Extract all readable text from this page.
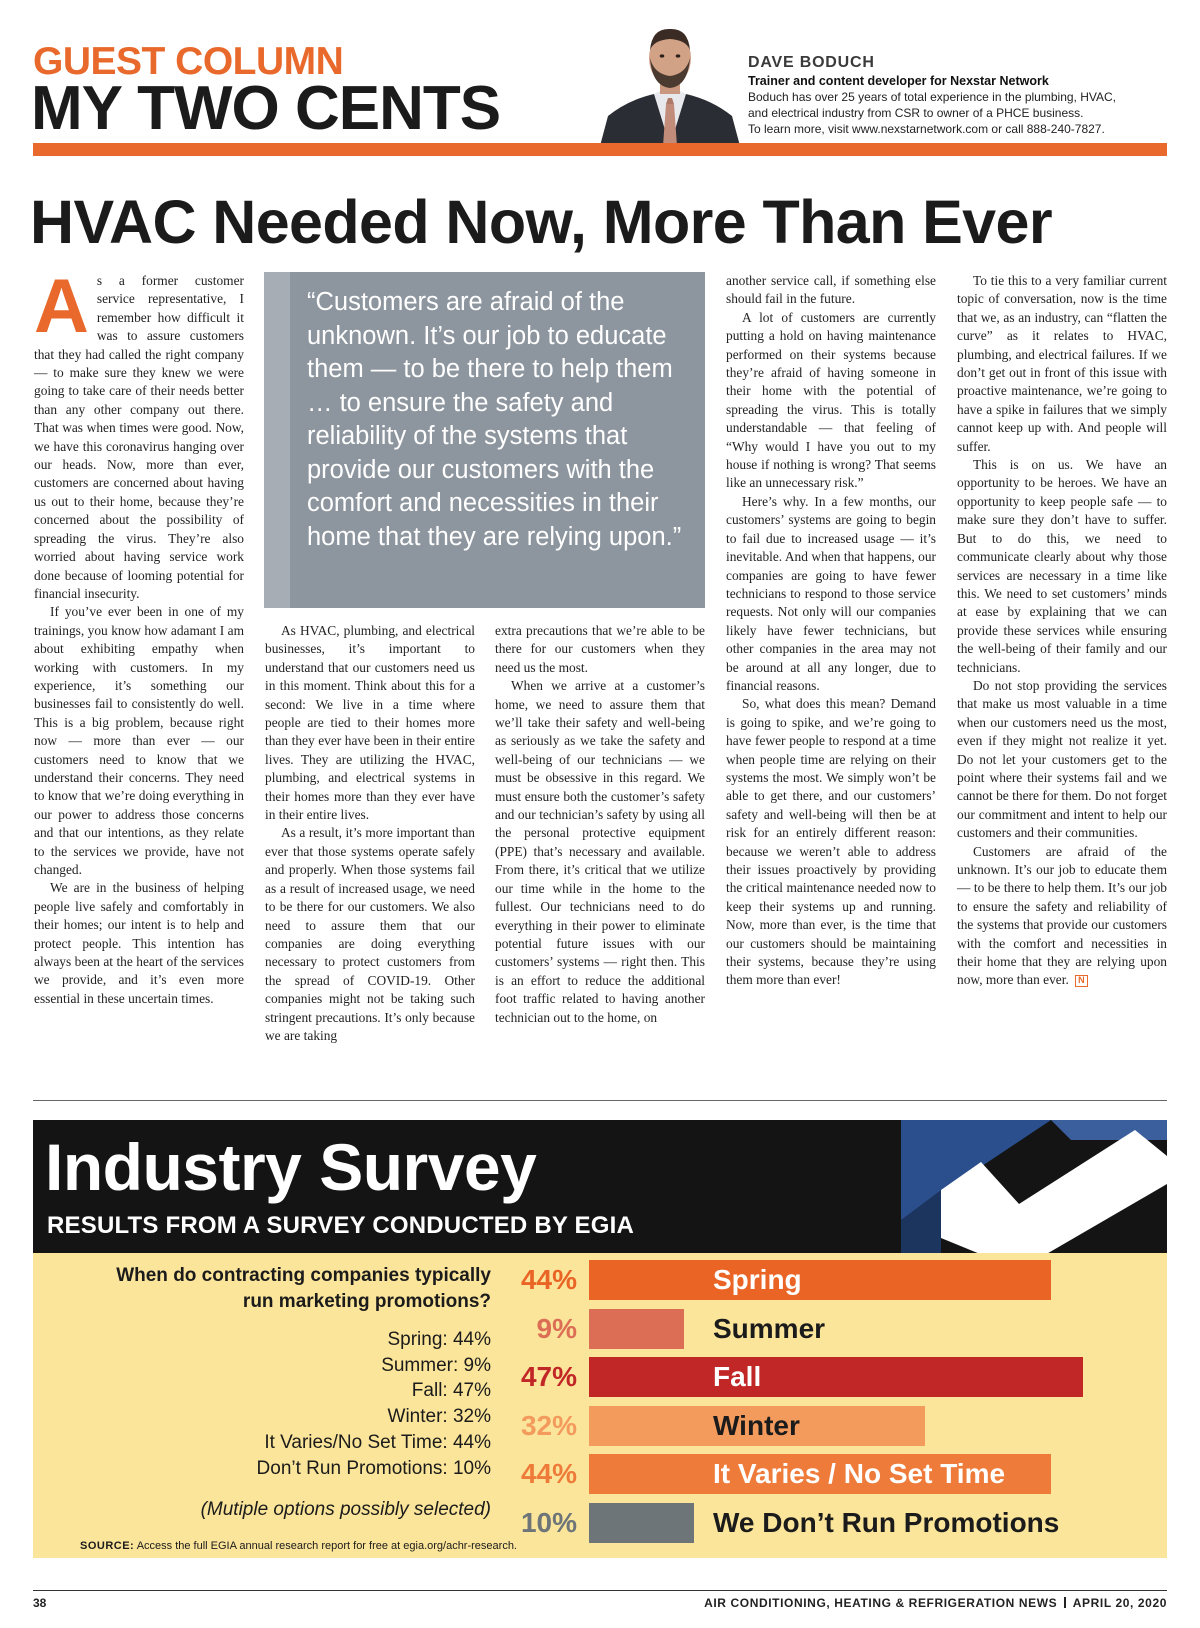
GUEST COLUMN
MY TWO CENTS
DAVE BODUCH
Trainer and content developer for Nexstar Network
Boduch has over 25 years of total experience in the plumbing, HVAC,
and electrical industry from CSR to owner of a PHCE business.
To learn more, visit www.nexstarnetwork.com or call 888-240-7827.
HVAC Needed Now, More Than Ever

As a former customer service representative, I remember how difficult it was to assure customers that they had called the right company — to make sure they knew we were going to take care of their needs better than any other company out there. That was when times were good. Now, we have this coronavirus hanging over our heads. Now, more than ever, customers are concerned about having us out to their home, because they’re concerned about the possibility of spreading the virus. They’re also worried about having service work done because of looming potential for financial insecurity.

If you’ve ever been in one of my trainings, you know how adamant I am about exhibiting empathy when working with customers. In my experience, it’s something our businesses fail to consistently do well. This is a big problem, because right now — more than ever — our customers need to know that we understand their concerns. They need to know that we’re doing everything in our power to address those concerns and that our intentions, as they relate to the services we provide, have not changed.

We are in the business of helping people live safely and comfortably in their homes; our intent is to help and protect people. This intention has always been at the heart of the services we provide, and it’s even more essential in these uncertain times.

“Customers are afraid of the unknown. It’s our job to educate them — to be there to help them … to ensure the safety and reliability of the systems that provide our customers with the comfort and necessities in their home that they are relying upon.”

As HVAC, plumbing, and electrical businesses, it’s important to understand that our customers need us in this moment. Think about this for a second: We live in a time where people are tied to their homes more than they ever have been in their entire lives. They are utilizing the HVAC, plumbing, and electrical systems in their homes more than they ever have in their entire lives.

As a result, it’s more important than ever that those systems operate safely and properly. When those systems fail as a result of increased usage, we need to be there for our customers. We also need to assure them that our companies are doing everything necessary to protect customers from the spread of COVID-19. Other companies might not be taking such stringent precautions. It’s only because we are taking

extra precautions that we’re able to be there for our customers when they need us the most.

When we arrive at a customer’s home, we need to assure them that we’ll take their safety and well-being as seriously as we take the safety and well-being of our technicians — we must be obsessive in this regard. We must ensure both the customer’s safety and our technician’s safety by using all the personal protective equipment (PPE) that’s necessary and available. From there, it’s critical that we utilize our time while in the home to the fullest. Our technicians need to do everything in their power to eliminate potential future issues with our customers’ systems — right then. This is an effort to reduce the additional foot traffic related to having another technician out to the home, on

another service call, if something else should fail in the future.

A lot of customers are currently putting a hold on having maintenance performed on their systems because they’re afraid of having someone in their home with the potential of spreading the virus. This is totally understandable — that feeling of “Why would I have you out to my house if nothing is wrong? That seems like an unnecessary risk.”

Here’s why. In a few months, our customers’ systems are going to begin to fail due to increased usage — it’s inevitable. And when that happens, our companies are going to have fewer technicians to respond to those service requests. Not only will our companies likely have fewer technicians, but other companies in the area may not be around at all any longer, due to financial reasons.

So, what does this mean? Demand is going to spike, and we’re going to have fewer people to respond at a time when people time are relying on their systems the most. We simply won’t be able to get there, and our customers’ safety and well-being will then be at risk for an entirely different reason: because we weren’t able to address their issues proactively by providing the critical maintenance needed now to keep their systems up and running. Now, more than ever, is the time that our customers should be maintaining their systems, because they’re using them more than ever!

To tie this to a very familiar current topic of conversation, now is the time that we, as an industry, can “flatten the curve” as it relates to HVAC, plumbing, and electrical failures. If we don’t get out in front of this issue with proactive maintenance, we’re going to have a spike in failures that we simply cannot keep up with. And people will suffer.

This is on us. We have an opportunity to be heroes. We have an opportunity to keep people safe — to make sure they don’t have to suffer. But to do this, we need to communicate clearly about why those services are necessary in a time like this. We need to set customers’ minds at ease by explaining that we can provide these services while ensuring the well-being of their family and our technicians.

Do not stop providing the services that make us most valuable in a time when our customers need us the most, even if they might not realize it yet. Do not let your customers get to the point where their systems fail and we cannot be there for them. Do not forget our commitment and intent to help our customers and their communities.

Customers are afraid of the unknown. It’s our job to educate them — to be there to help them. It’s our job to ensure the safety and reliability of the systems that provide our customers with the comfort and necessities in their home that they are relying upon now, more than ever. N

Industry Survey
RESULTS FROM A SURVEY CONDUCTED BY EGIA
When do contracting companies typically
run marketing promotions?
Spring: 44%
Summer: 9%
Fall: 47%
Winter: 32%
It Varies/No Set Time: 44%
Don’t Run Promotions: 10%
(Mutiple options possibly selected)
SOURCE: Access the full EGIA annual research report for free at egia.org/achr-research.
44%	Spring
9%	Summer
47%	Fall
32%	Winter
44%	It Varies / No Set Time
10%	We Don’t Run Promotions
38	AIR CONDITIONING, HEATING & REFRIGERATION NEWS APRIL 20, 2020
